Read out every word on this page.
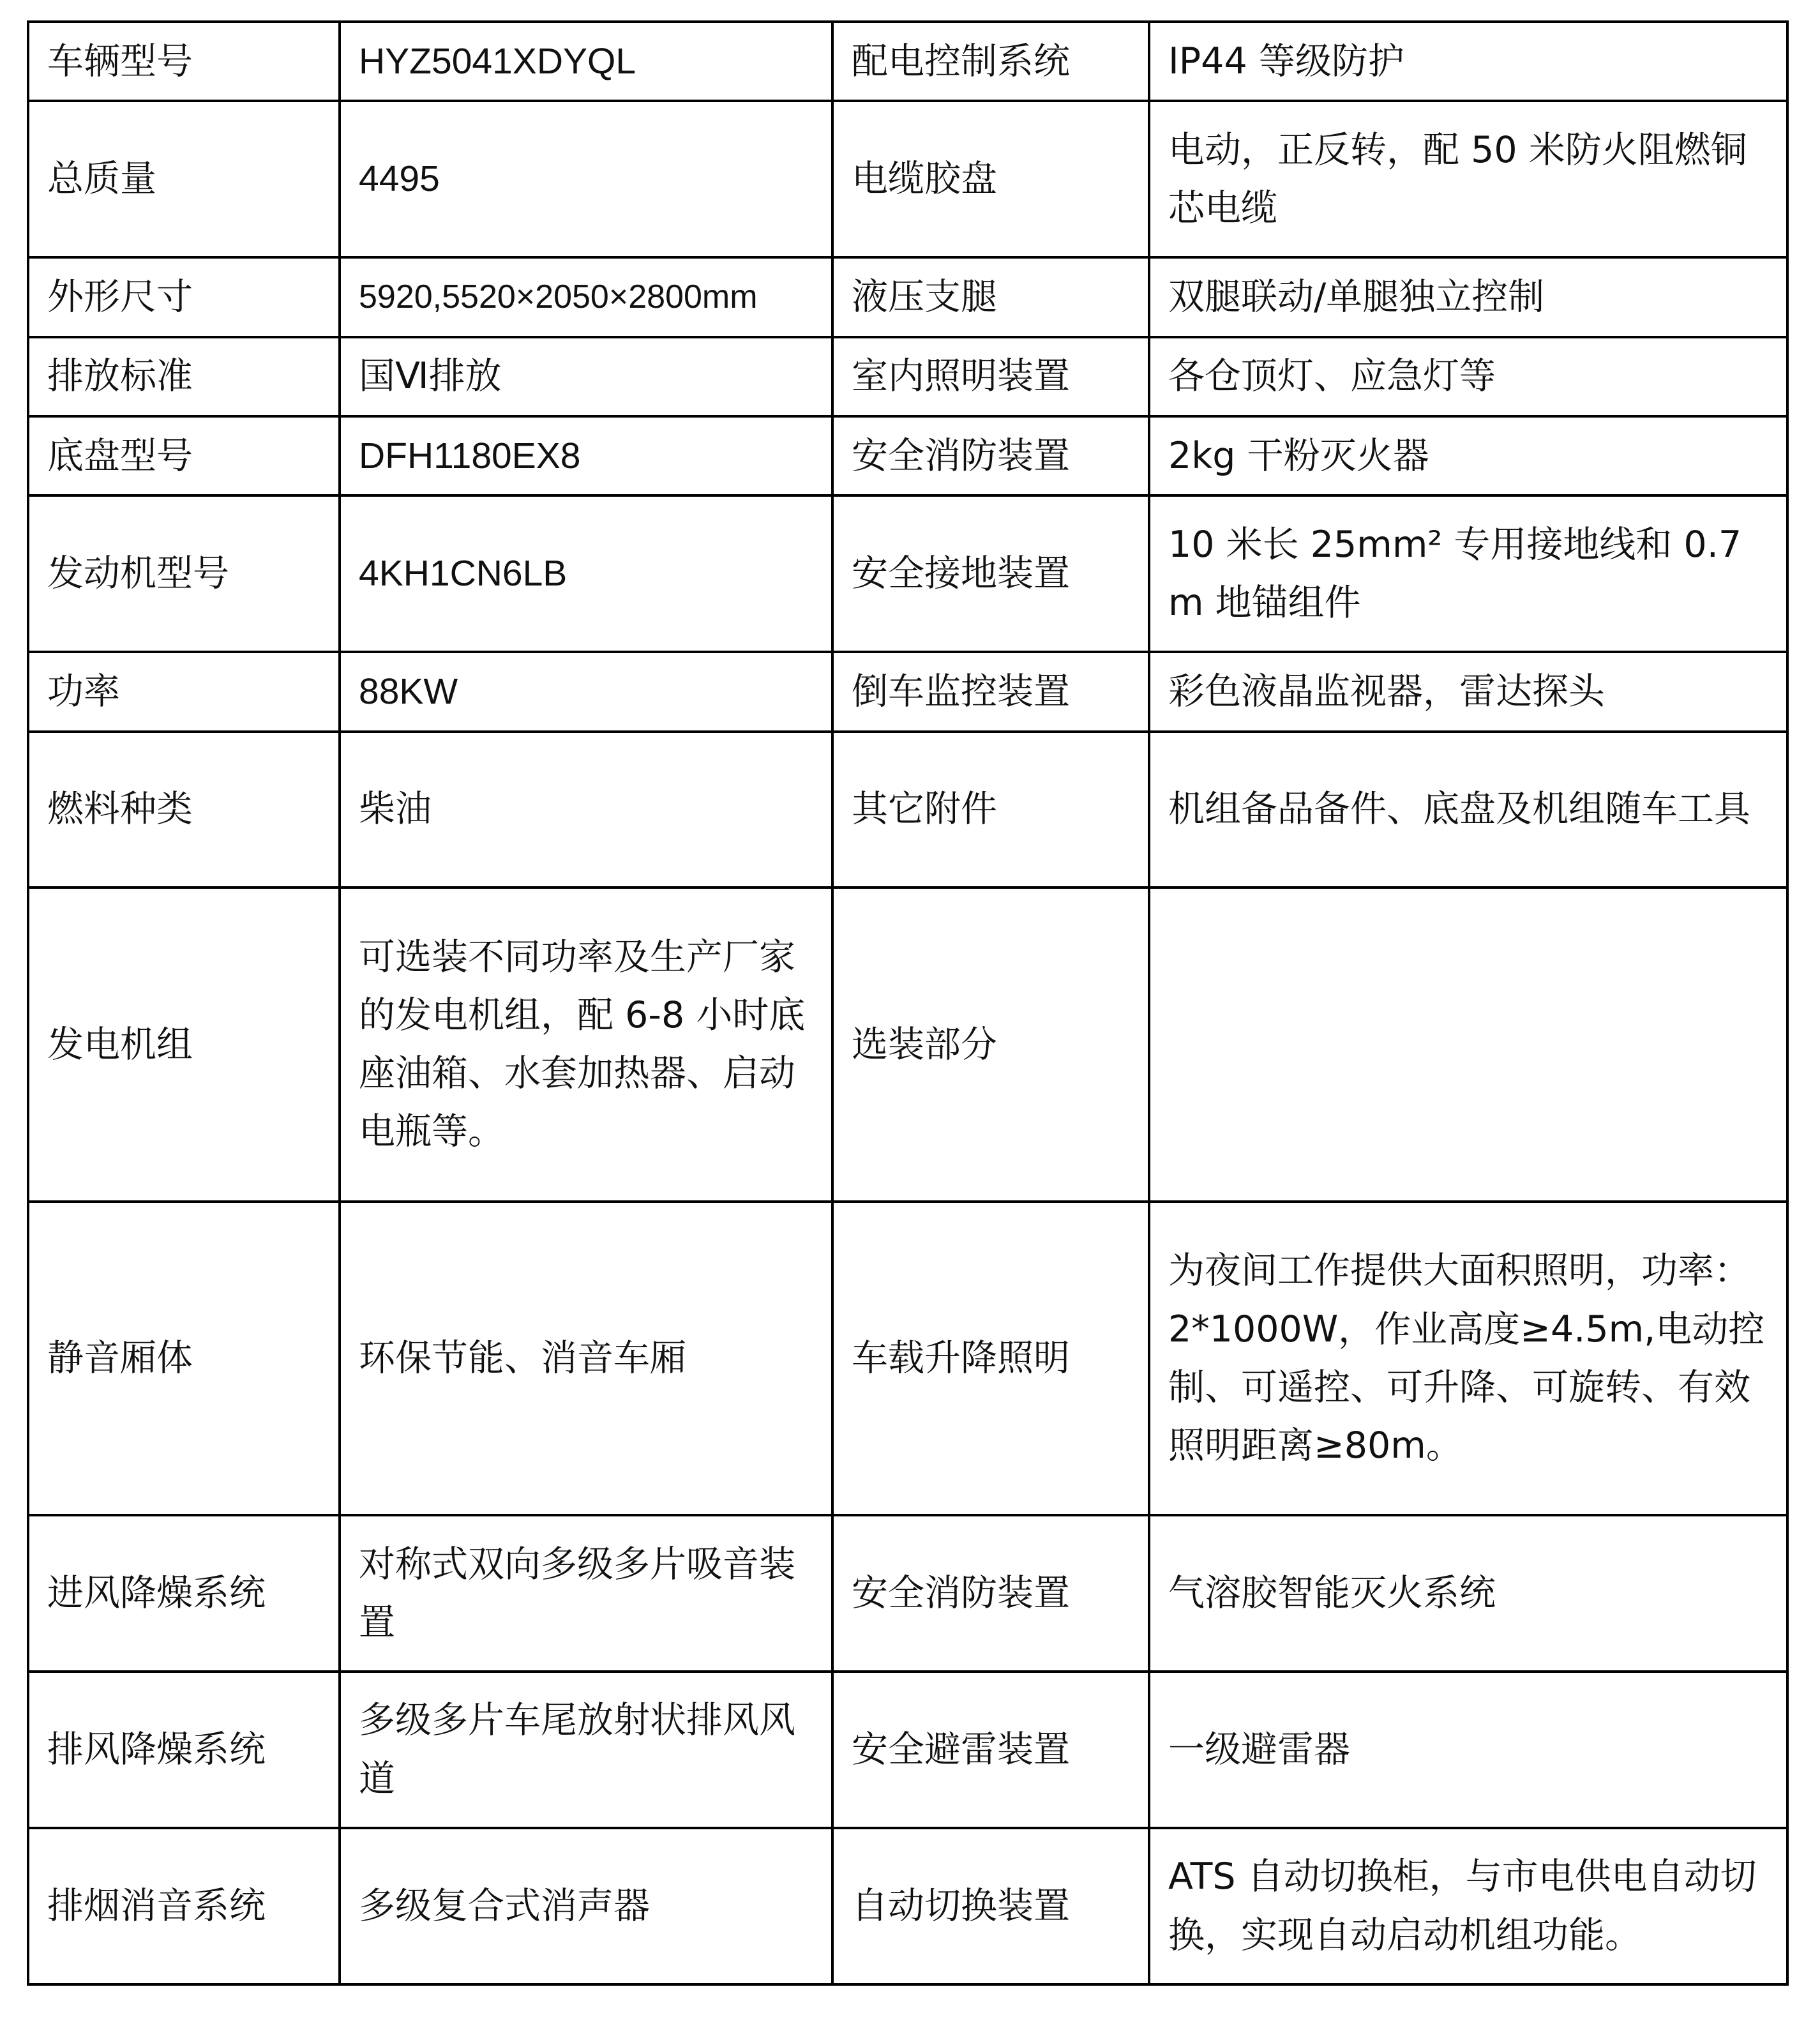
车辆型号	HYZ5041XDYQL	配电控制系统	IP44 等级防护
总质量	4495	电缆胶盘	电动，正反转，配 50 米防火阻燃铜芯电缆
外形尺寸	5920,5520×2050×2800mm	液压支腿	双腿联动/单腿独立控制
排放标准	国Ⅵ排放	室内照明装置	各仓顶灯、应急灯等
底盘型号	DFH1180EX8	安全消防装置	2kg 干粉灭火器
发动机型号	4KH1CN6LB	安全接地装置	10 米长 25mm² 专用接地线和 0.7m 地锚组件
功率	88KW	倒车监控装置	彩色液晶监视器，雷达探头
燃料种类	柴油	其它附件	机组备品备件、底盘及机组随车工具
发电机组	可选装不同功率及生产厂家的发电机组，配 6-8 小时底座油箱、水套加热器、启动电瓶等。	选装部分	
静音厢体	环保节能、消音车厢	车载升降照明	为夜间工作提供大面积照明，功率：2*1000W，作业高度≥4.5m,电动控制、可遥控、可升降、可旋转、有效照明距离≥80m。
进风降燥系统	对称式双向多级多片吸音装置	安全消防装置	气溶胶智能灭火系统
排风降燥系统	多级多片车尾放射状排风风道	安全避雷装置	一级避雷器
排烟消音系统	多级复合式消声器	自动切换装置	ATS 自动切换柜，与市电供电自动切换，实现自动启动机组功能。
